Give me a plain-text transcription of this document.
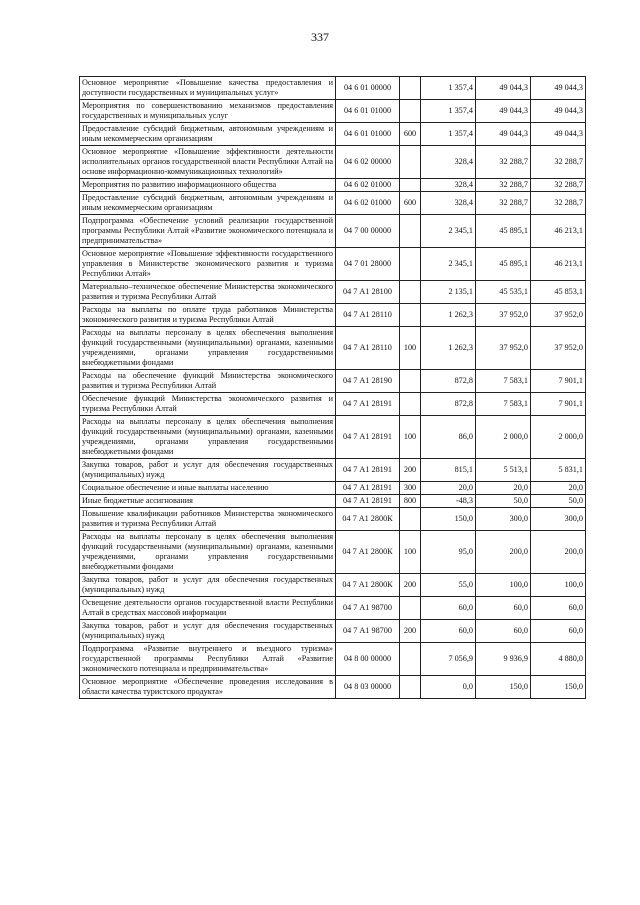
337
Основное мероприятие «Повышение качества предоставления и доступности государственных и муниципальных услуг»	04 6 01 00000		1 357,4	49 044,3	49 044,3
Мероприятия по совершенствованию механизмов предоставления государственных и муниципальных услуг	04 6 01 01000		1 357,4	49 044,3	49 044,3
Предоставление субсидий бюджетным, автономным учреждениям и иным некоммерческим организациям	04 6 01 01000	600	1 357,4	49 044,3	49 044,3
Основное мероприятие «Повышение эффективности деятельности исполнительных органов государственной власти Республики Алтай на основе информационно-коммуникационных технологий»	04 6 02 00000		328,4	32 288,7	32 288,7
Мероприятия по развитию информационного общества	04 6 02 01000		328,4	32 288,7	32 288,7
Предоставление субсидий бюджетным, автономным учреждениям и иным некоммерческим организациям	04 6 02 01000	600	328,4	32 288,7	32 288,7
Подпрограмма «Обеспечение условий реализации государственной программы Республики Алтай «Развитие экономического потенциала и предпринимательства»	04 7 00 00000		2 345,1	45 895,1	46 213,1
Основное мероприятие «Повышение эффективности государственного управления в Министерстве экономического развития и туризма Республики Алтай»	04 7 01 28000		2 345,1	45 895,1	46 213,1
Материально–техническое обеспечение Министерства экономического развития и туризма Республики Алтай	04 7 А1 28100		2 135,1	45 535,1	45 853,1
Расходы на выплаты по оплате труда работников Министерства экономического развития и туризма Республики Алтай	04 7 А1 28110		1 262,3	37 952,0	37 952,0
Расходы на выплаты персоналу в целях обеспечения выполнения функций государственными (муниципальными) органами, казенными учреждениями, органами управления государственными внебюджетными фондами	04 7 А1 28110	100	1 262,3	37 952,0	37 952,0
Расходы на обеспечение функций Министерства экономического развития и туризма Республики Алтай	04 7 А1 28190		872,8	7 583,1	7 901,1
Обеспечение функций Министерства экономического развития и туризма Республики Алтай	04 7 А1 28191		872,8	7 583,1	7 901,1
Расходы на выплаты персоналу в целях обеспечения выполнения функций государственными (муниципальными) органами, казенными учреждениями, органами управления государственными внебюджетными фондами	04 7 А1 28191	100	86,0	2 000,0	2 000,0
Закупка товаров, работ и услуг для обеспечения государственных (муниципальных) нужд	04 7 А1 28191	200	815,1	5 513,1	5 831,1
Социальное обеспечение и иные выплаты населению	04 7 А1 28191	300	20,0	20,0	20,0
Иные бюджетные ассигнования	04 7 А1 28191	800	-48,3	50,0	50,0
Повышение квалификации работников Министерства экономического развития и туризма Республики Алтай	04 7 А1 2800К		150,0	300,0	300,0
Расходы на выплаты персоналу в целях обеспечения выполнения функций государственными (муниципальными) органами, казенными учреждениями, органами управления государственными внебюджетными фондами	04 7 А1 2800К	100	95,0	200,0	200,0
Закупка товаров, работ и услуг для обеспечения государственных (муниципальных) нужд	04 7 А1 2800К	200	55,0	100,0	100,0
Освещение деятельности органов государственной власти Республики Алтай в средствах массовой информации	04 7 А1 98700		60,0	60,0	60,0
Закупка товаров, работ и услуг для обеспечения государственных (муниципальных) нужд	04 7 А1 98700	200	60,0	60,0	60,0
Подпрограмма «Развитие внутреннего и въездного туризма» государственной программы Республики Алтай «Развитие экономического потенциала и предпринимательства»	04 8 00 00000		7 056,9	9 936,9	4 880,0
Основное мероприятие «Обеспечение проведения исследования в области качества туристского продукта»	04 8 03 00000		0,0	150,0	150,0
